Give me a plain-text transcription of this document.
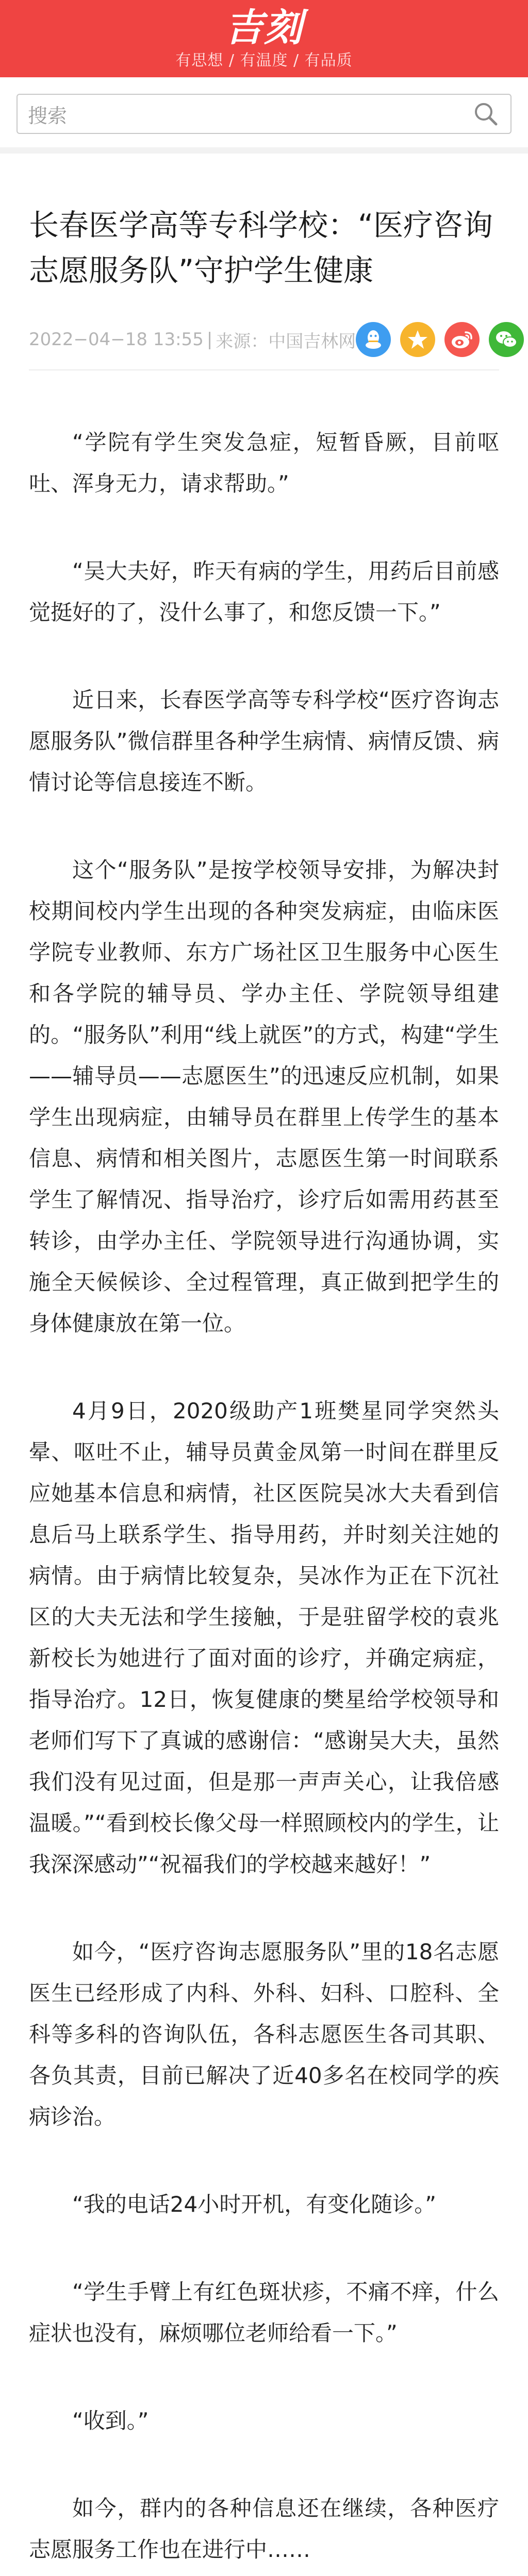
吉刻
有思想 / 有温度 / 有品质
搜索
长春医学高等专科学校：“医疗咨询志愿服务队”守护学生健康
2022−04−18 13:55 | 来源： 中国吉林网

“学院有学生突发急症，短暂昏厥，目前呕吐、浑身无力，请求帮助。”

“吴大夫好，昨天有病的学生，用药后目前感觉挺好的了，没什么事了，和您反馈一下。”

近日来，长春医学高等专科学校“医疗咨询志愿服务队”微信群里各种学生病情、病情反馈、病情讨论等信息接连不断。

这个“服务队”是按学校领导安排，为解决封校期间校内学生出现的各种突发病症，由临床医学院专业教师、东方广场社区卫生服务中心医生和各学院的辅导员、学办主任、学院领导组建的。“服务队”利用“线上就医”的方式，构建“学生——辅导员——志愿医生”的迅速反应机制，如果学生出现病症，由辅导员在群里上传学生的基本信息、病情和相关图片，志愿医生第一时间联系学生了解情况、指导治疗，诊疗后如需用药甚至转诊，由学办主任、学院领导进行沟通协调，实施全天候候诊、全过程管理，真正做到把学生的身体健康放在第一位。

4月9日，2020级助产1班樊星同学突然头晕、呕吐不止，辅导员黄金凤第一时间在群里反应她基本信息和病情，社区医院吴冰大夫看到信息后马上联系学生、指导用药，并时刻关注她的病情。由于病情比较复杂，吴冰作为正在下沉社区的大夫无法和学生接触，于是驻留学校的袁兆新校长为她进行了面对面的诊疗，并确定病症，指导治疗。12日，恢复健康的樊星给学校领导和老师们写下了真诚的感谢信：“感谢吴大夫，虽然我们没有见过面，但是那一声声关心，让我倍感温暖。”“看到校长像父母一样照顾校内的学生，让我深深感动”“祝福我们的学校越来越好！”

如今，“医疗咨询志愿服务队”里的18名志愿医生已经形成了内科、外科、妇科、口腔科、全科等多科的咨询队伍，各科志愿医生各司其职、各负其责，目前已解决了近40多名在校同学的疾病诊治。

“我的电话24小时开机，有变化随诊。”

“学生手臂上有红色斑状疹，不痛不痒，什么症状也没有，麻烦哪位老师给看一下。”

“收到。”

如今，群内的各种信息还在继续，各种医疗志愿服务工作也在进行中……
